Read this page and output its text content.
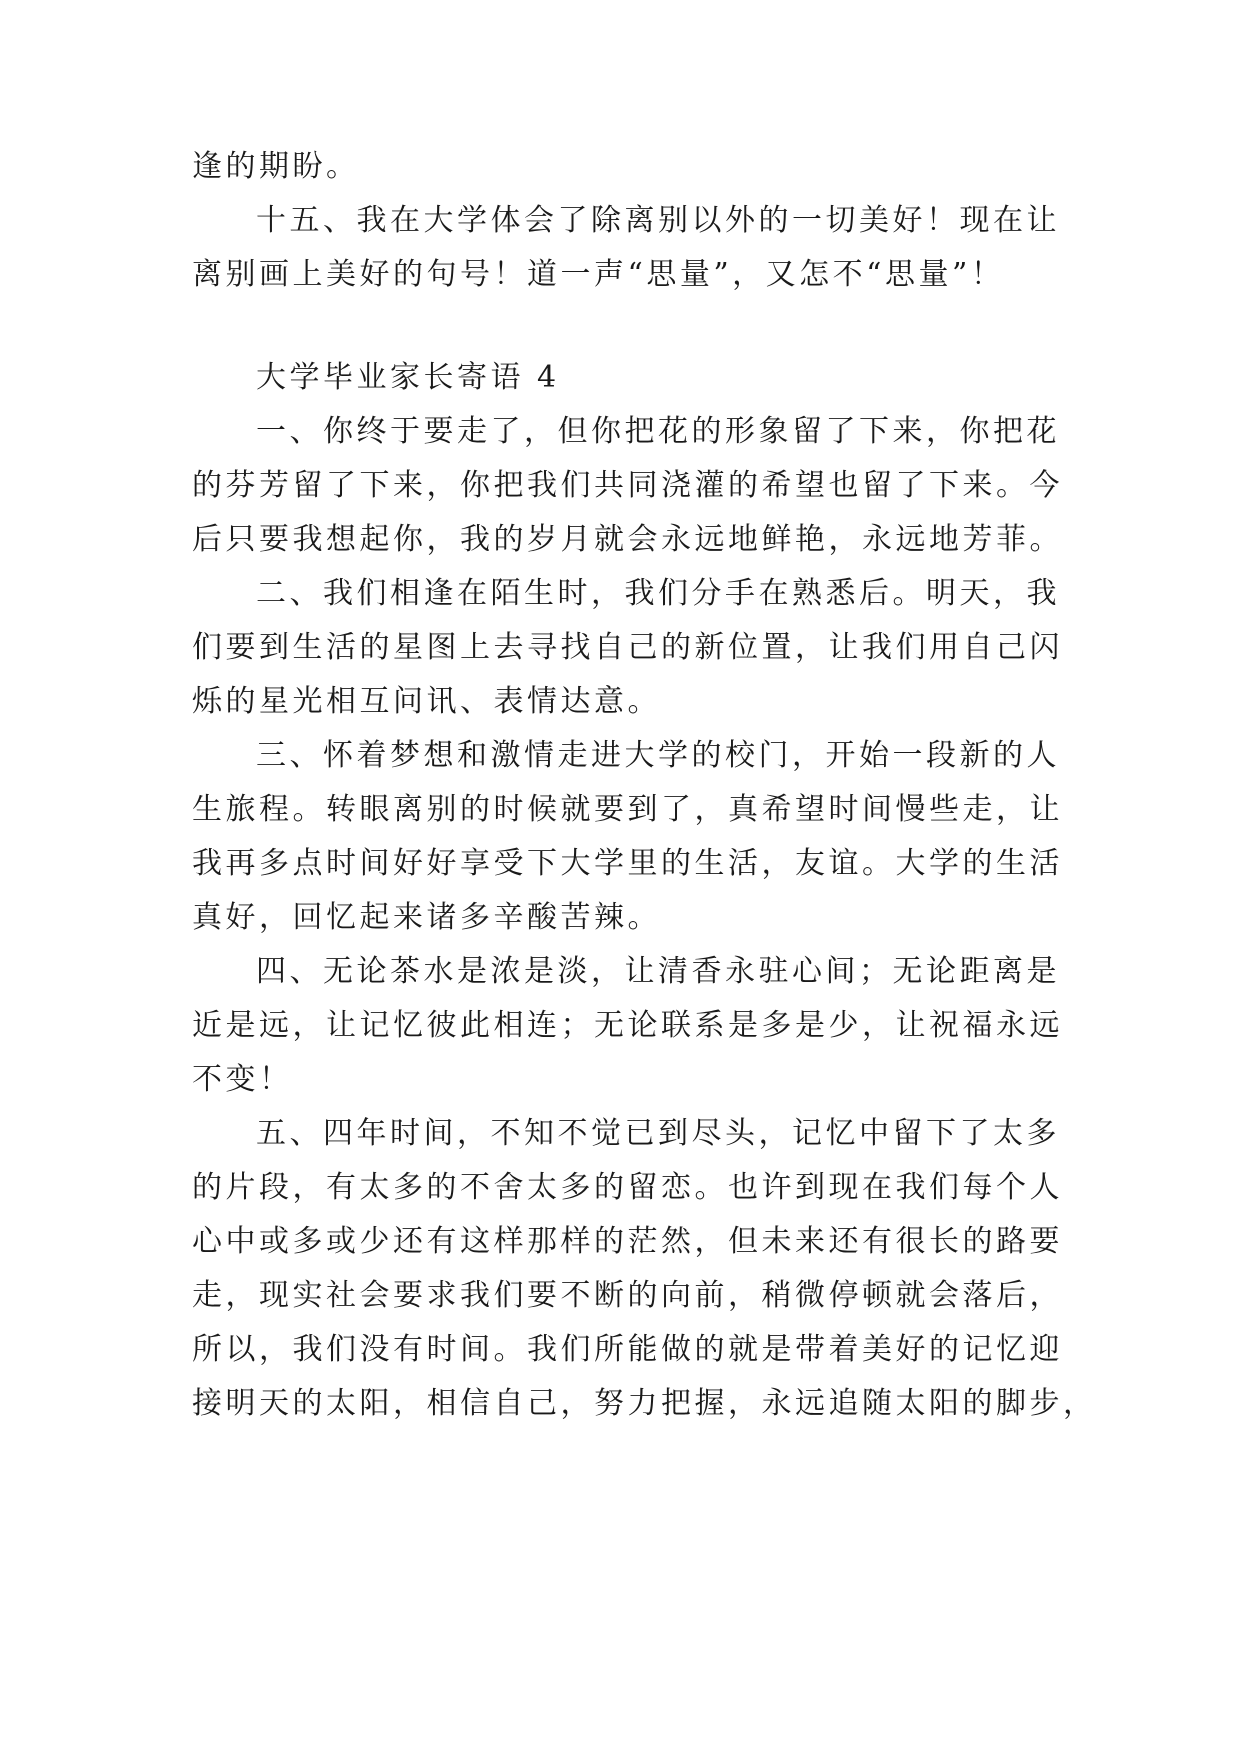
逢的期盼。
十五、我在大学体会了除离别以外的一切美好！现在让
离别画上美好的句号！道一声“思量”，又怎不“思量”！
大学毕业家长寄语 4
一、你终于要走了，但你把花的形象留了下来，你把花
的芬芳留了下来，你把我们共同浇灌的希望也留了下来。今
后只要我想起你，我的岁月就会永远地鲜艳，永远地芳菲。
二、我们相逢在陌生时，我们分手在熟悉后。明天，我
们要到生活的星图上去寻找自己的新位置，让我们用自己闪
烁的星光相互问讯、表情达意。
三、怀着梦想和激情走进大学的校门，开始一段新的人
生旅程。转眼离别的时候就要到了，真希望时间慢些走，让
我再多点时间好好享受下大学里的生活，友谊。大学的生活
真好，回忆起来诸多辛酸苦辣。
四、无论茶水是浓是淡，让清香永驻心间；无论距离是
近是远，让记忆彼此相连；无论联系是多是少，让祝福永远
不变！
五、四年时间，不知不觉已到尽头，记忆中留下了太多
的片段，有太多的不舍太多的留恋。也许到现在我们每个人
心中或多或少还有这样那样的茫然，但未来还有很长的路要
走，现实社会要求我们要不断的向前，稍微停顿就会落后，
所以，我们没有时间。我们所能做的就是带着美好的记忆迎
接明天的太阳，相信自己，努力把握，永远追随太阳的脚步，
